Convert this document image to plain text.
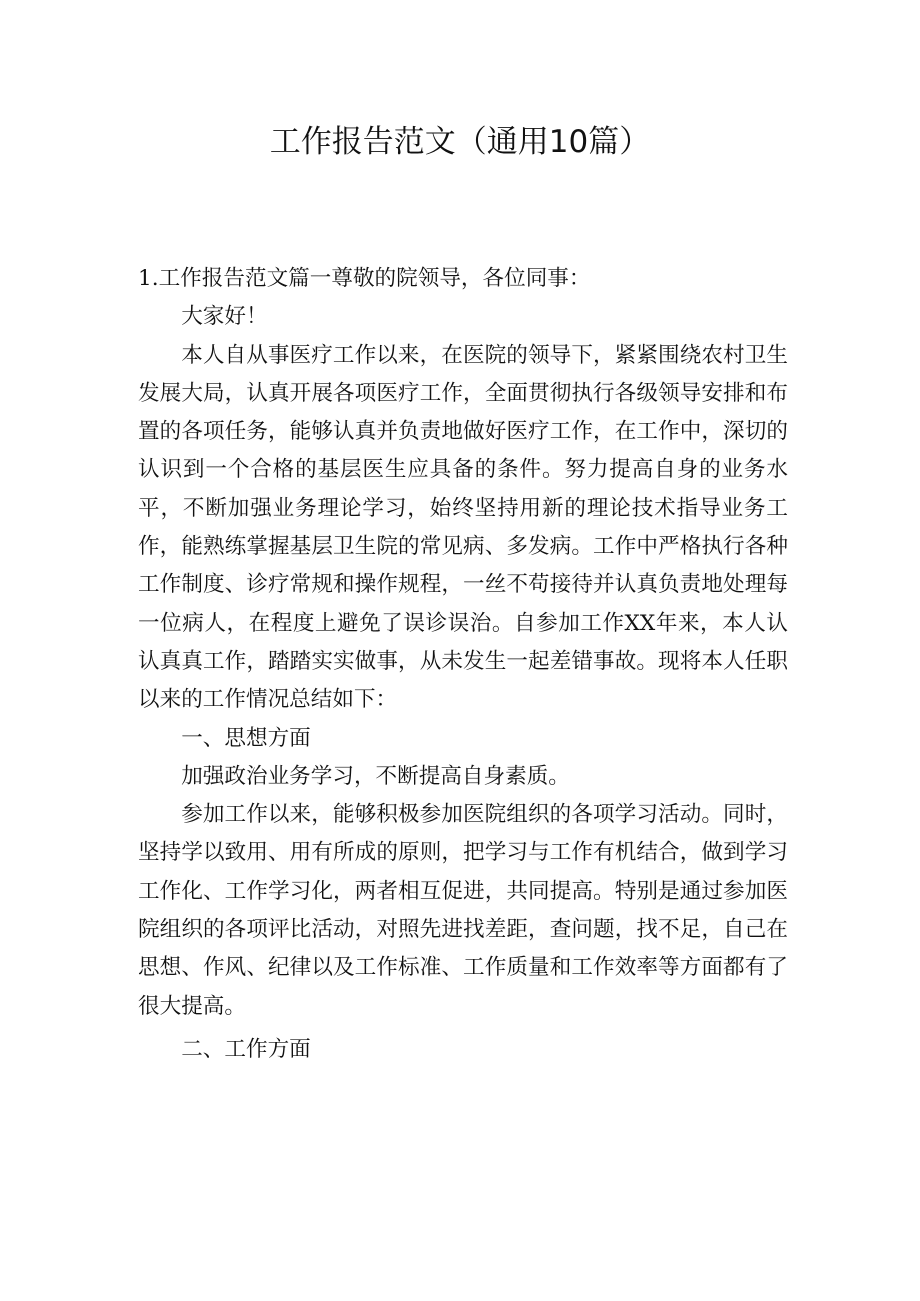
工作报告范文（通用10篇）

1.工作报告范文篇一尊敬的院领导，各位同事：

大家好！

本人自从事医疗工作以来，在医院的领导下，紧紧围绕农村卫生发展大局，认真开展各项医疗工作，全面贯彻执行各级领导安排和布置的各项任务，能够认真并负责地做好医疗工作，在工作中，深切的认识到一个合格的基层医生应具备的条件。努力提高自身的业务水平，不断加强业务理论学习，始终坚持用新的理论技术指导业务工作，能熟练掌握基层卫生院的常见病、多发病。工作中严格执行各种工作制度、诊疗常规和操作规程，一丝不苟接待并认真负责地处理每一位病人，在程度上避免了误诊误治。自参加工作XX年来，本人认认真真工作，踏踏实实做事，从未发生一起差错事故。现将本人任职以来的工作情况总结如下：

一、思想方面

加强政治业务学习，不断提高自身素质。

参加工作以来，能够积极参加医院组织的各项学习活动。同时，坚持学以致用、用有所成的原则，把学习与工作有机结合，做到学习工作化、工作学习化，两者相互促进，共同提高。特别是通过参加医院组织的各项评比活动，对照先进找差距，查问题，找不足，自己在思想、作风、纪律以及工作标准、工作质量和工作效率等方面都有了很大提高。

二、工作方面
